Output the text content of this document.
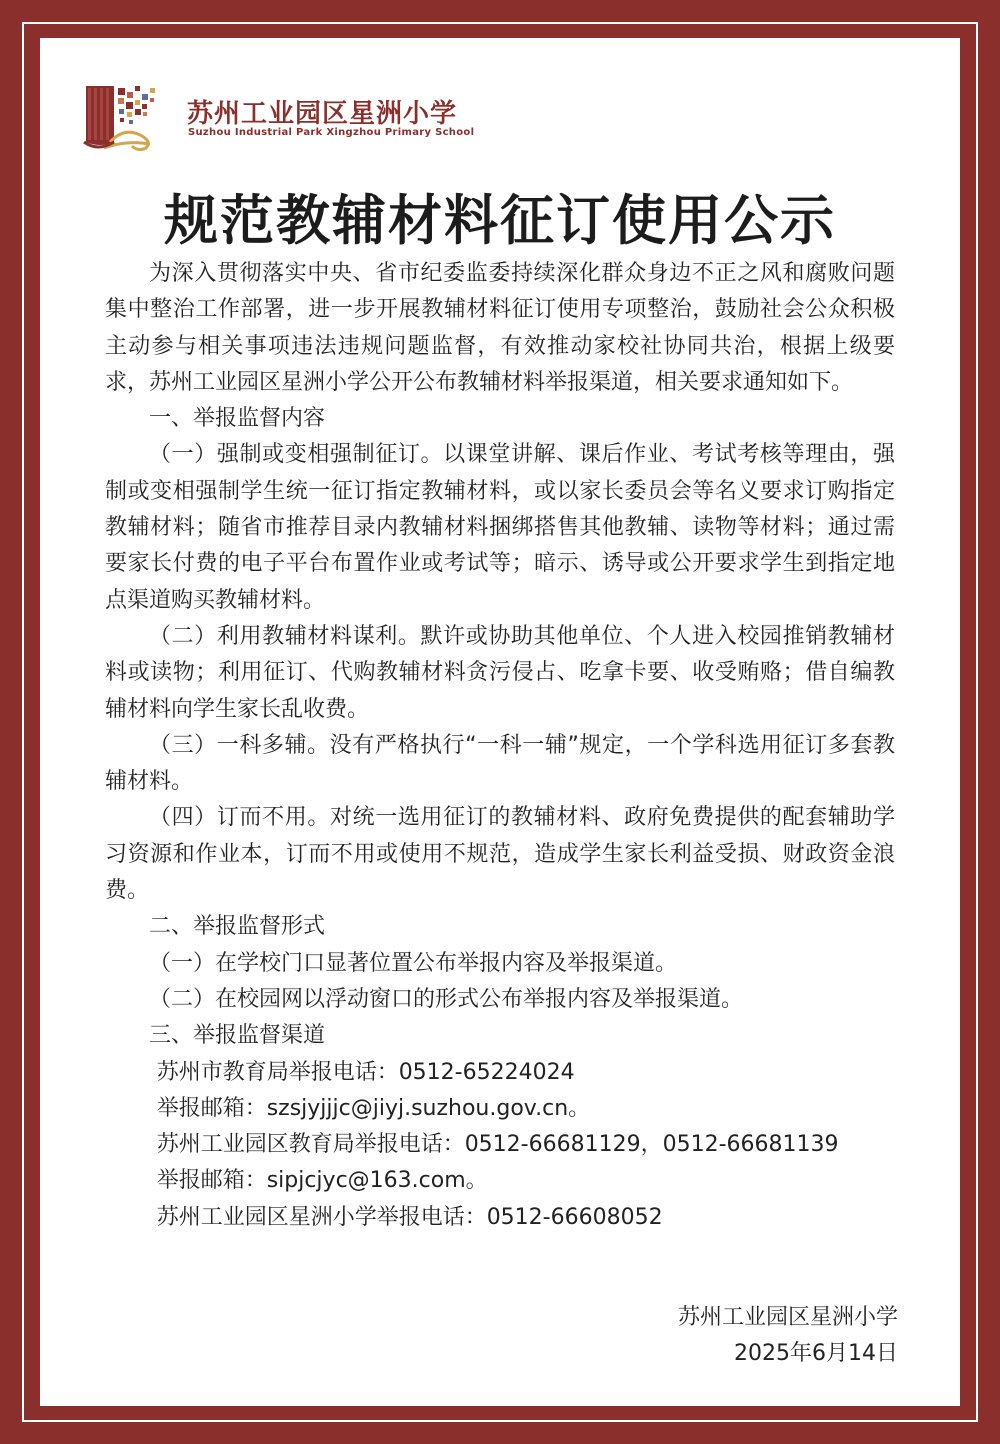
苏州工业园区星洲小学
Suzhou Industrial Park Xingzhou Primary School
规范教辅材料征订使用公示

为深入贯彻落实中央、省市纪委监委持续深化群众身边不正之风和腐败问题集中整治工作部署，进一步开展教辅材料征订使用专项整治，鼓励社会公众积极主动参与相关事项违法违规问题监督，有效推动家校社协同共治，根据上级要求，苏州工业园区星洲小学公开公布教辅材料举报渠道，相关要求通知如下。

一、举报监督内容

（一）强制或变相强制征订。以课堂讲解、课后作业、考试考核等理由，强制或变相强制学生统一征订指定教辅材料，或以家长委员会等名义要求订购指定教辅材料；随省市推荐目录内教辅材料捆绑搭售其他教辅、读物等材料；通过需要家长付费的电子平台布置作业或考试等；暗示、诱导或公开要求学生到指定地点渠道购买教辅材料。

（二）利用教辅材料谋利。默许或协助其他单位、个人进入校园推销教辅材料或读物；利用征订、代购教辅材料贪污侵占、吃拿卡要、收受贿赂；借自编教辅材料向学生家长乱收费。

（三）一科多辅。没有严格执行“一科一辅”规定，一个学科选用征订多套教辅材料。

（四）订而不用。对统一选用征订的教辅材料、政府免费提供的配套辅助学习资源和作业本，订而不用或使用不规范，造成学生家长利益受损、财政资金浪费。

二、举报监督形式
（一）在学校门口显著位置公布举报内容及举报渠道。
（二）在校园网以浮动窗口的形式公布举报内容及举报渠道。
三、举报监督渠道
苏州市教育局举报电话：0512-65224024
举报邮箱：szsjyjjjc@jiyj.suzhou.gov.cn。
苏州工业园区教育局举报电话：0512-66681129，0512-66681139
举报邮箱：sipjcjyc@163.com。
苏州工业园区星洲小学举报电话：0512-66608052
苏州工业园区星洲小学
2025年6月14日
